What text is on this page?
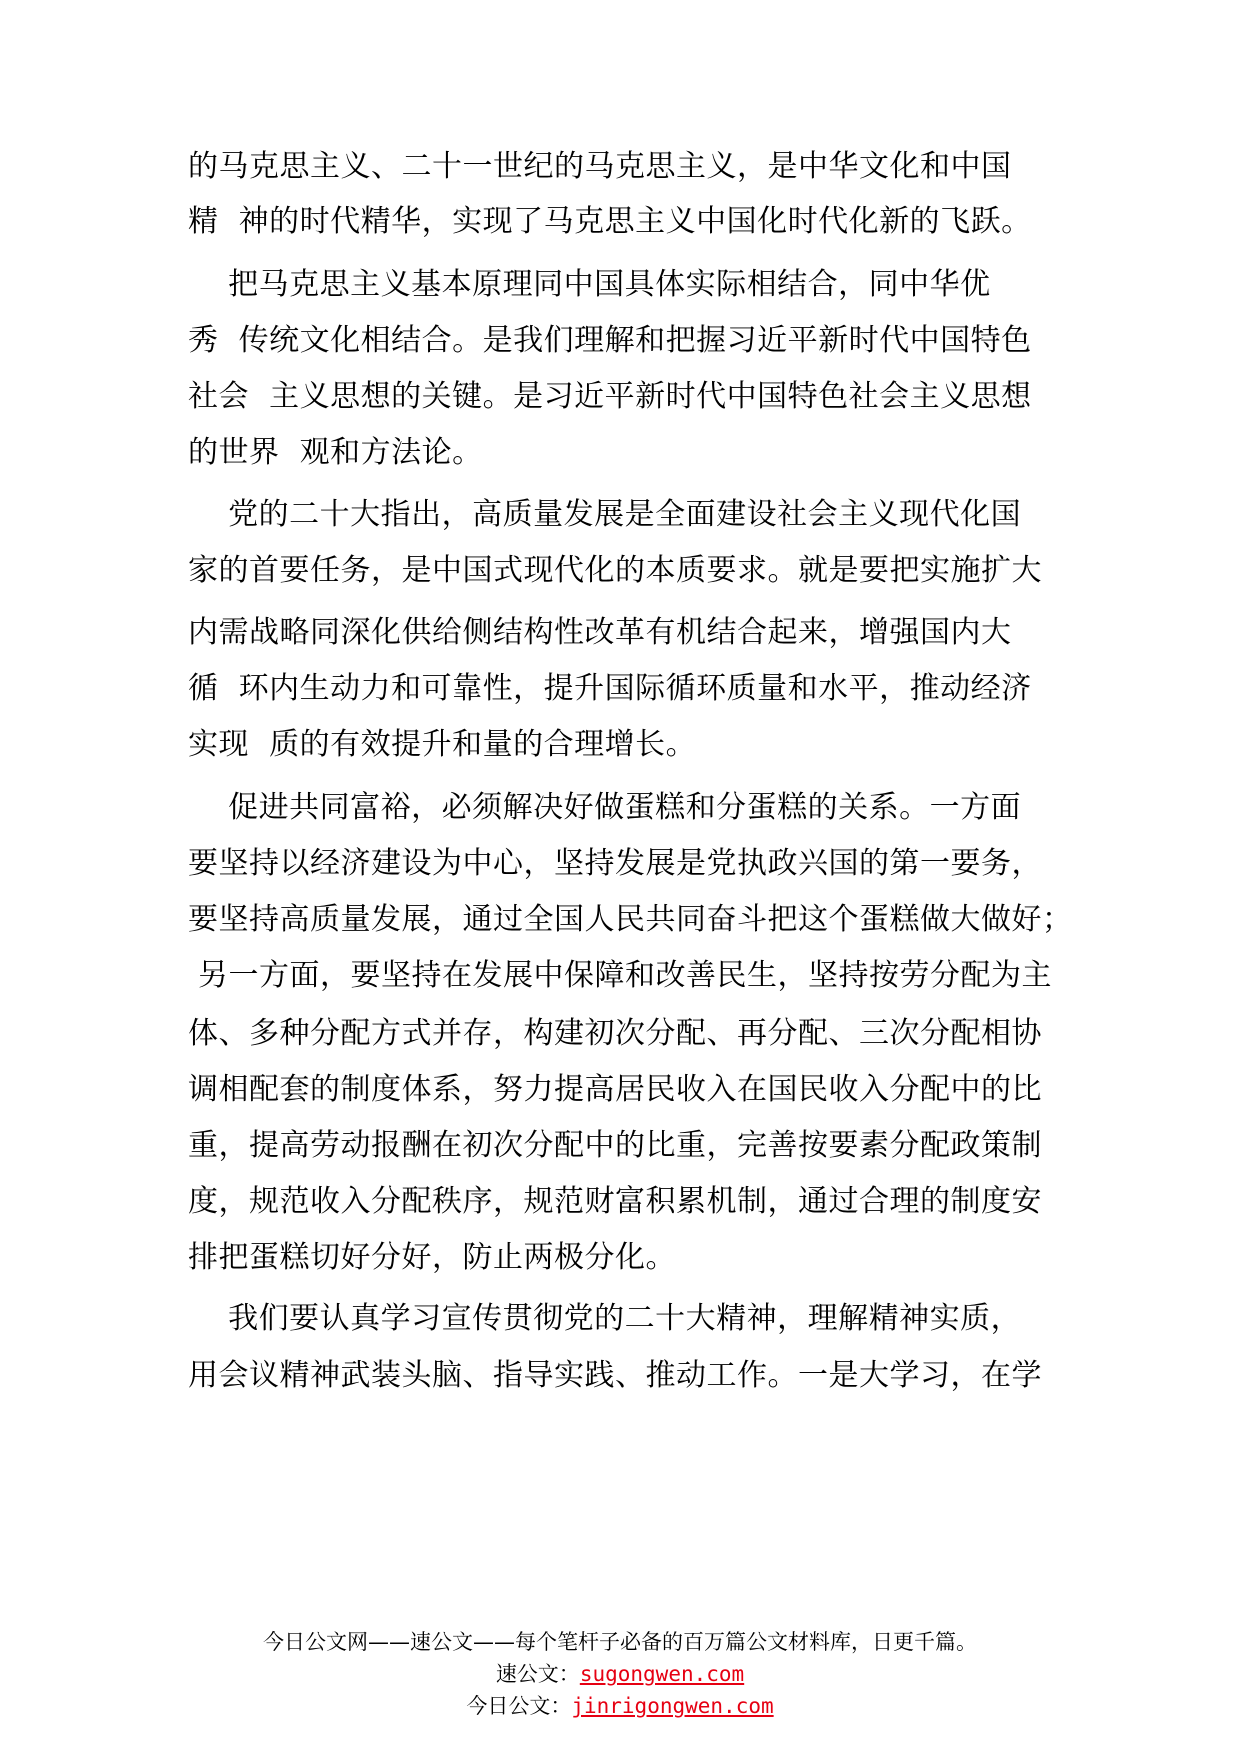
的马克思主义、二十一世纪的马克思主义，是中华文化和中国
精  神的时代精华，实现了马克思主义中国化时代化新的飞跃。
把马克思主义基本原理同中国具体实际相结合，同中华优
秀  传统文化相结合。是我们理解和把握习近平新时代中国特色
社会  主义思想的关键。是习近平新时代中国特色社会主义思想
的世界  观和方法论。
党的二十大指出，高质量发展是全面建设社会主义现代化国
家的首要任务，是中国式现代化的本质要求。就是要把实施扩大
内需战略同深化供给侧结构性改革有机结合起来，增强国内大
循  环内生动力和可靠性，提升国际循环质量和水平，推动经济
实现  质的有效提升和量的合理增长。
促进共同富裕，必须解决好做蛋糕和分蛋糕的关系。一方面
要坚持以经济建设为中心，坚持发展是党执政兴国的第一要务，
要坚持高质量发展，通过全国人民共同奋斗把这个蛋糕做大做好；
另一方面，要坚持在发展中保障和改善民生，坚持按劳分配为主
体、多种分配方式并存，构建初次分配、再分配、三次分配相协
调相配套的制度体系，努力提高居民收入在国民收入分配中的比
重，提高劳动报酬在初次分配中的比重，完善按要素分配政策制
度，规范收入分配秩序，规范财富积累机制，通过合理的制度安
排把蛋糕切好分好，防止两极分化。
我们要认真学习宣传贯彻党的二十大精神，理解精神实质，
用会议精神武装头脑、指导实践、推动工作。一是大学习，在学
今日公文网——速公文——每个笔杆子必备的百万篇公文材料库，日更千篇。
速公文：sugongwen.com
今日公文：jinrigongwen.com
